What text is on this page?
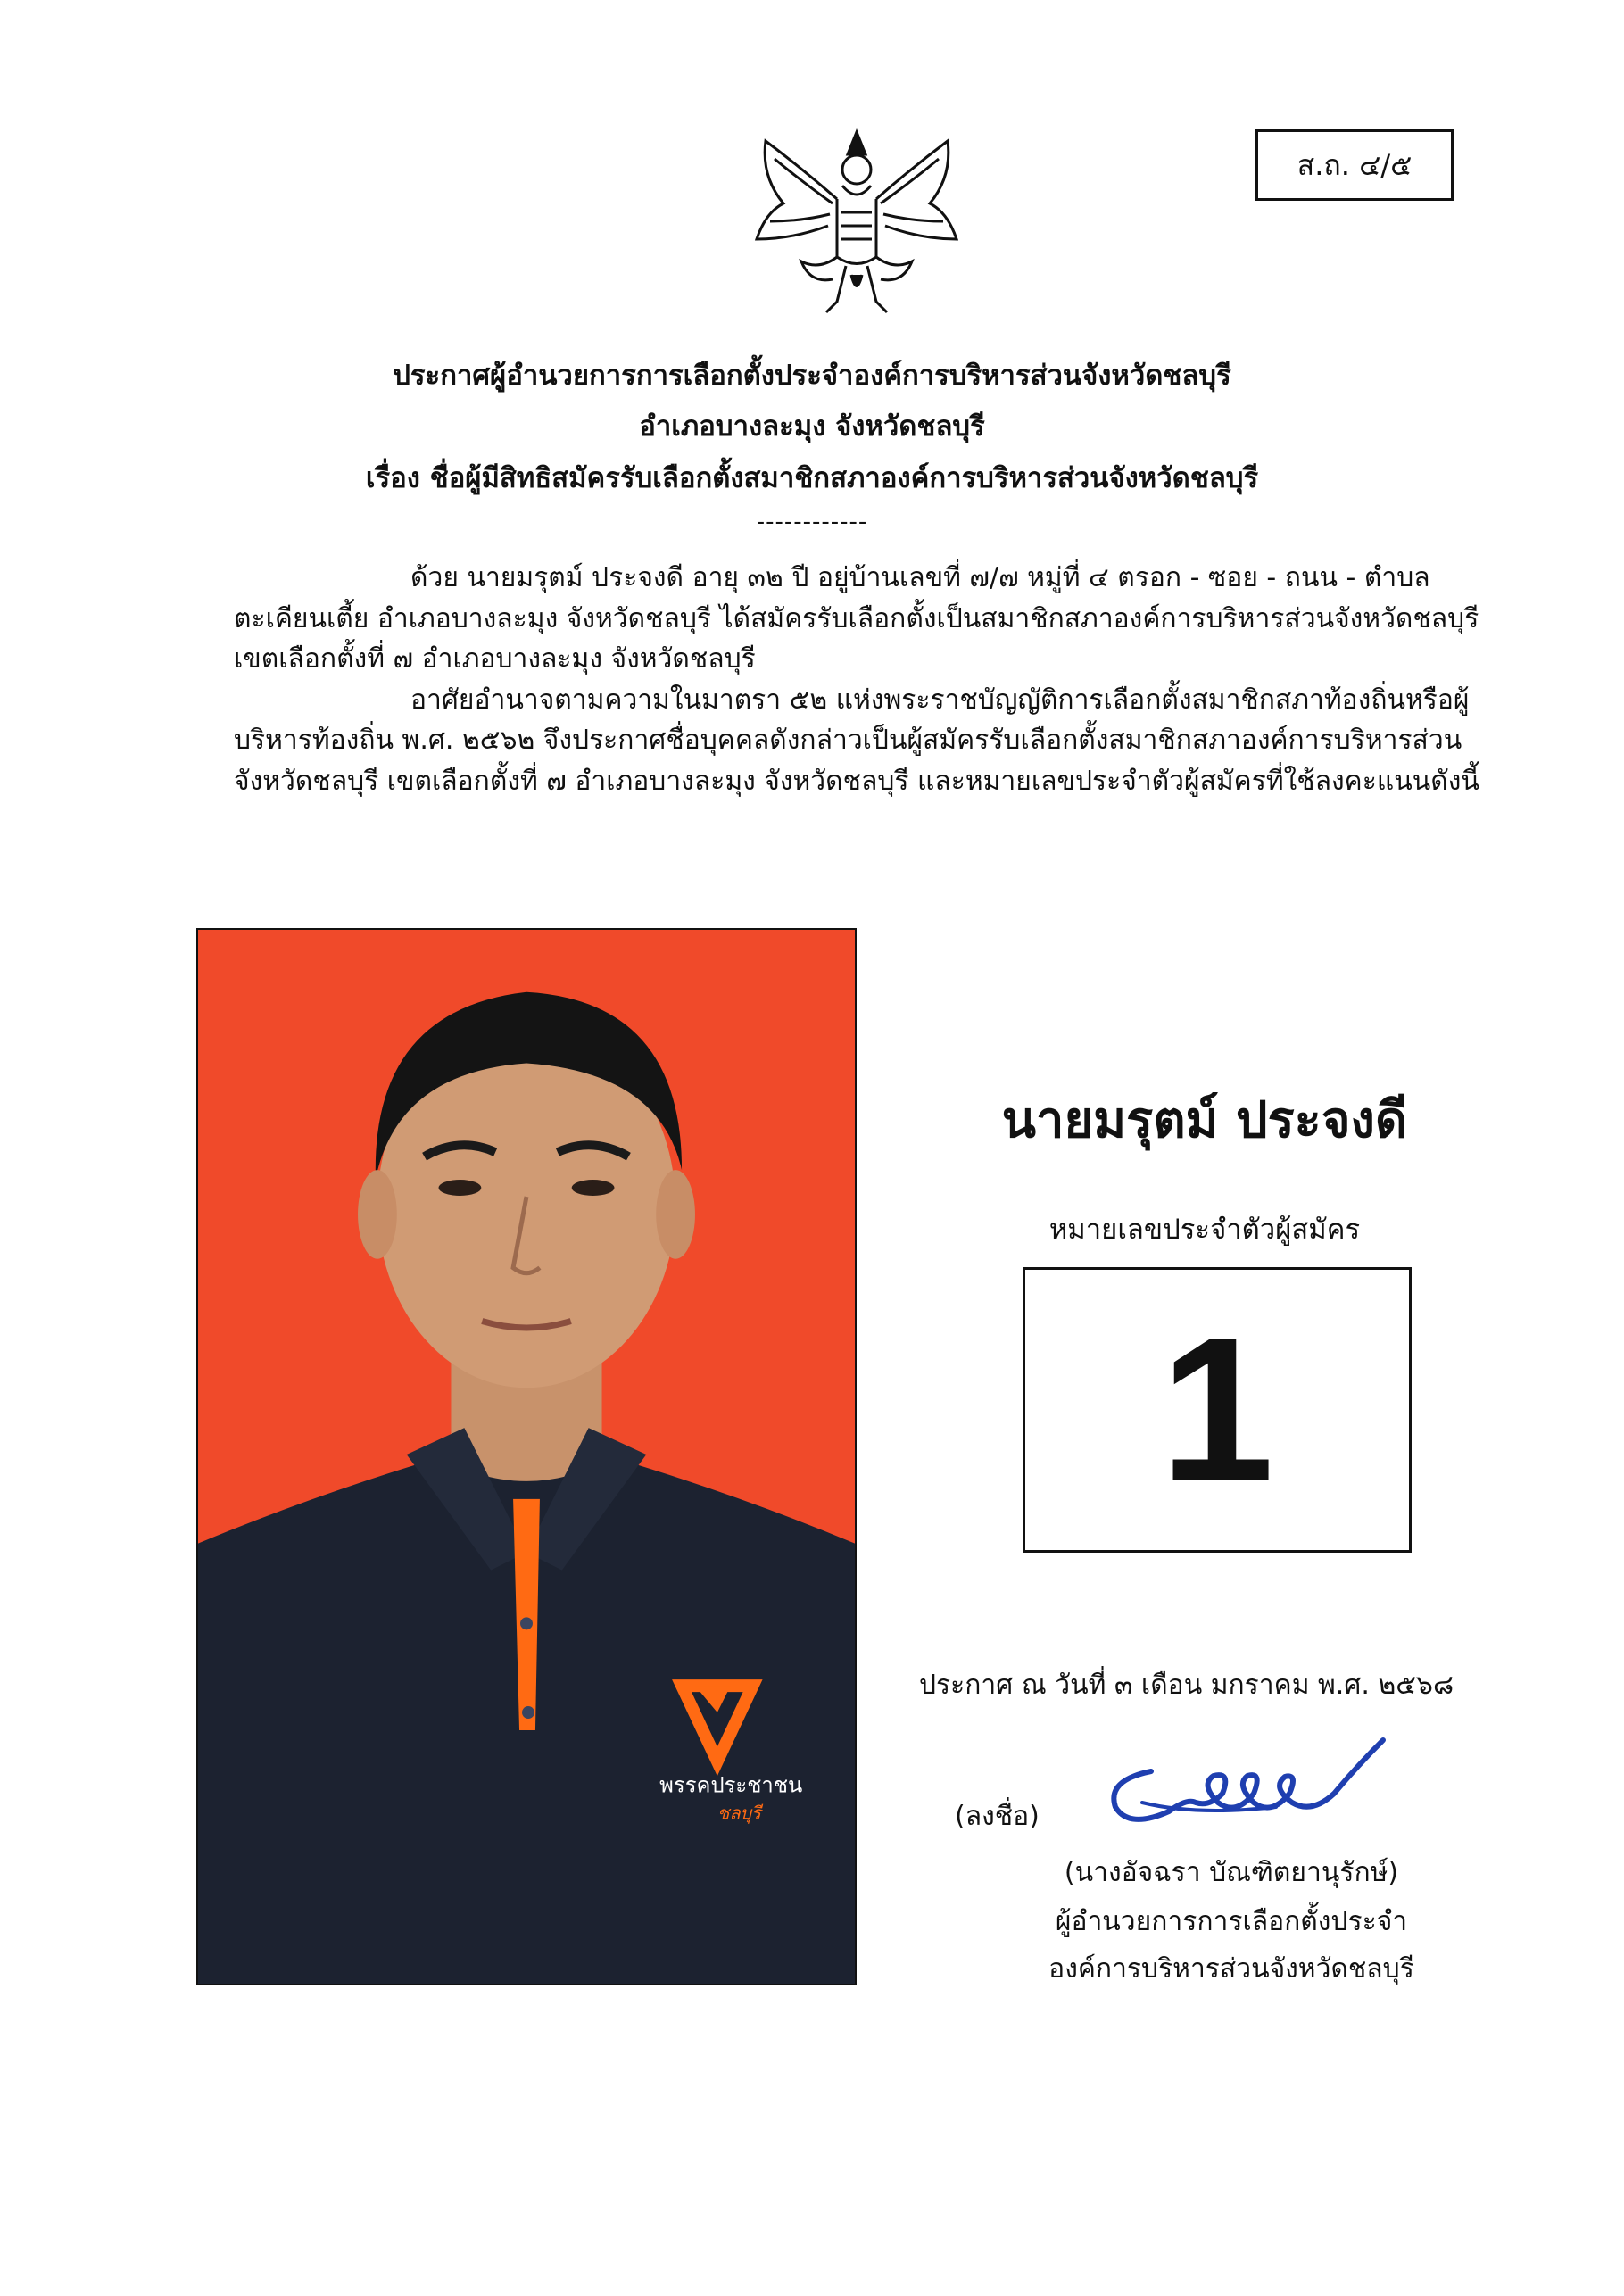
ส.ถ. ๔/๕
ประกาศผู้อำนวยการการเลือกตั้งประจำองค์การบริหารส่วนจังหวัดชลบุรี
อำเภอบางละมุง จังหวัดชลบุรี
เรื่อง ชื่อผู้มีสิทธิสมัครรับเลือกตั้งสมาชิกสภาองค์การบริหารส่วนจังหวัดชลบุรี
------------

ด้วย นายมรุตม์ ประจงดี อายุ ๓๒ ปี อยู่บ้านเลขที่ ๗/๗ หมู่ที่ ๔ ตรอก - ซอย - ถนน - ตำบลตะเคียนเตี้ย อำเภอบางละมุง จังหวัดชลบุรี ได้สมัครรับเลือกตั้งเป็นสมาชิกสภาองค์การบริหารส่วนจังหวัดชลบุรี เขตเลือกตั้งที่ ๗ อำเภอบางละมุง จังหวัดชลบุรี

อาศัยอำนาจตามความในมาตรา ๕๒ แห่งพระราชบัญญัติการเลือกตั้งสมาชิกสภาท้องถิ่นหรือผู้บริหารท้องถิ่น พ.ศ. ๒๕๖๒ จึงประกาศชื่อบุคคลดังกล่าวเป็นผู้สมัครรับเลือกตั้งสมาชิกสภาองค์การบริหารส่วนจังหวัดชลบุรี เขตเลือกตั้งที่ ๗ อำเภอบางละมุง จังหวัดชลบุรี และหมายเลขประจำตัวผู้สมัครที่ใช้ลงคะแนนดังนี้

พรรคประชาชน
ชลบุรี
นายมรุตม์ ประจงดี
หมายเลขประจำตัวผู้สมัคร
1
ประกาศ ณ วันที่ ๓ เดือน มกราคม พ.ศ. ๒๕๖๘
(ลงชื่อ)
(นางอัจฉรา บัณฑิตยานุรักษ์)
ผู้อำนวยการการเลือกตั้งประจำ
องค์การบริหารส่วนจังหวัดชลบุรี
